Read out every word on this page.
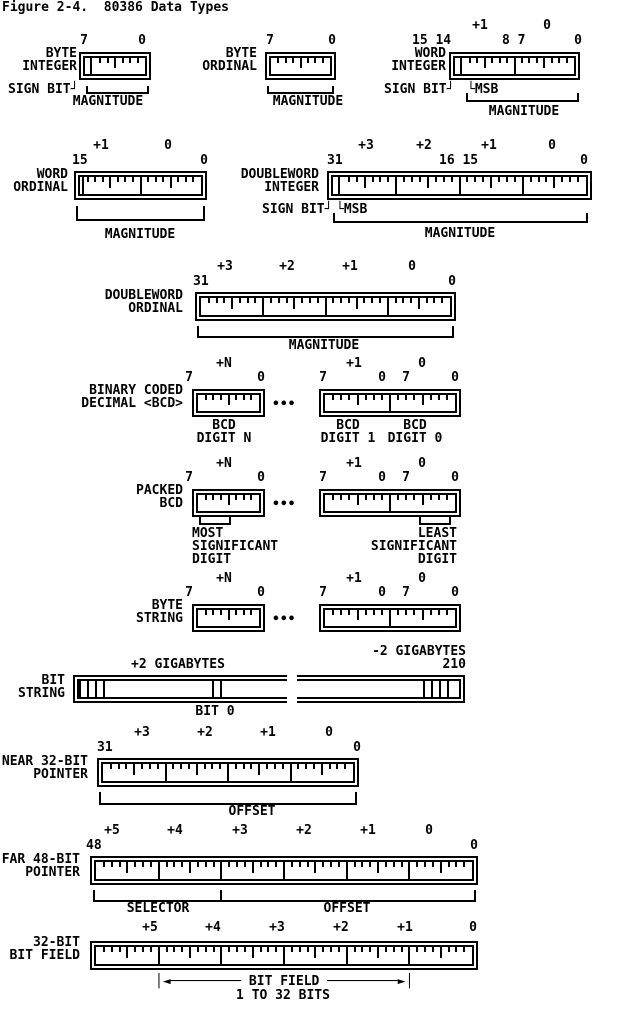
Figure 2-4.  80386 Data Types
7	0
BYTE
INTEGER
SIGN BIT┘
MAGNITUDE
7	0
BYTE
ORDINAL
MAGNITUDE
+1	0
15 14	8 7	0
WORD
INTEGER
SIGN BIT┘ └MSB
MAGNITUDE
+1	0
15	0
WORD
ORDINAL
MAGNITUDE
+3	+2	+1	0
31	16 15	0
DOUBLEWORD
INTEGER
SIGN BIT┘ └MSB
MAGNITUDE
+3	+2	+1	0
31	0
DOUBLEWORD
ORDINAL
MAGNITUDE
+N
7	0
+1	0
7	0 7	0
BINARY CODED
DECIMAL <BCD>	•••
BCD
DIGIT N
BCD
DIGIT 1
BCD
DIGIT 0
+N
7	0
+1	0
7	0 7	0
PACKED
BCD	•••
MOST
SIGNIFICANT
DIGIT
LEAST
SIGNIFICANT
DIGIT
+N
7	0
+1	0
7	0 7	0
BYTE
STRING	•••
-2 GIGABYTES
210
+2 GIGABYTES
BIT
STRING
BIT 0
+3	+2	+1	0
31	0
NEAR 32-BIT
POINTER
OFFSET
+5	+4	+3	+2	+1	0
48	0
FAR 48-BIT
POINTER
SELECTOR	OFFSET
+5	+4	+3	+2	+1	0
32-BIT
BIT FIELD
│◄───────── BIT FIELD ─────────►│
1 TO 32 BITS
